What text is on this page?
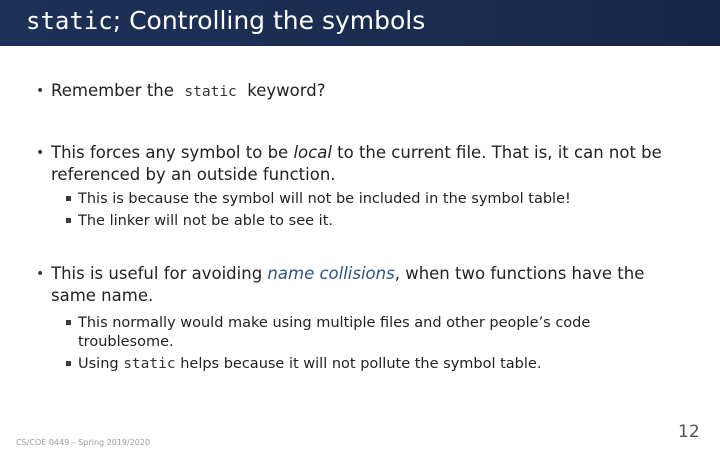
static; Controlling the symbols
• Remember the static keyword?
• This forces any symbol to be local to the current file. That is, it can not be referenced by an outside function.
This is because the symbol will not be included in the symbol table!
The linker will not be able to see it.
• This is useful for avoiding name collisions, when two functions have the same name.
This normally would make using multiple files and other people’s code troublesome.
Using static helps because it will not pollute the symbol table.
CS/COE 0449 – Spring 2019/2020
12
